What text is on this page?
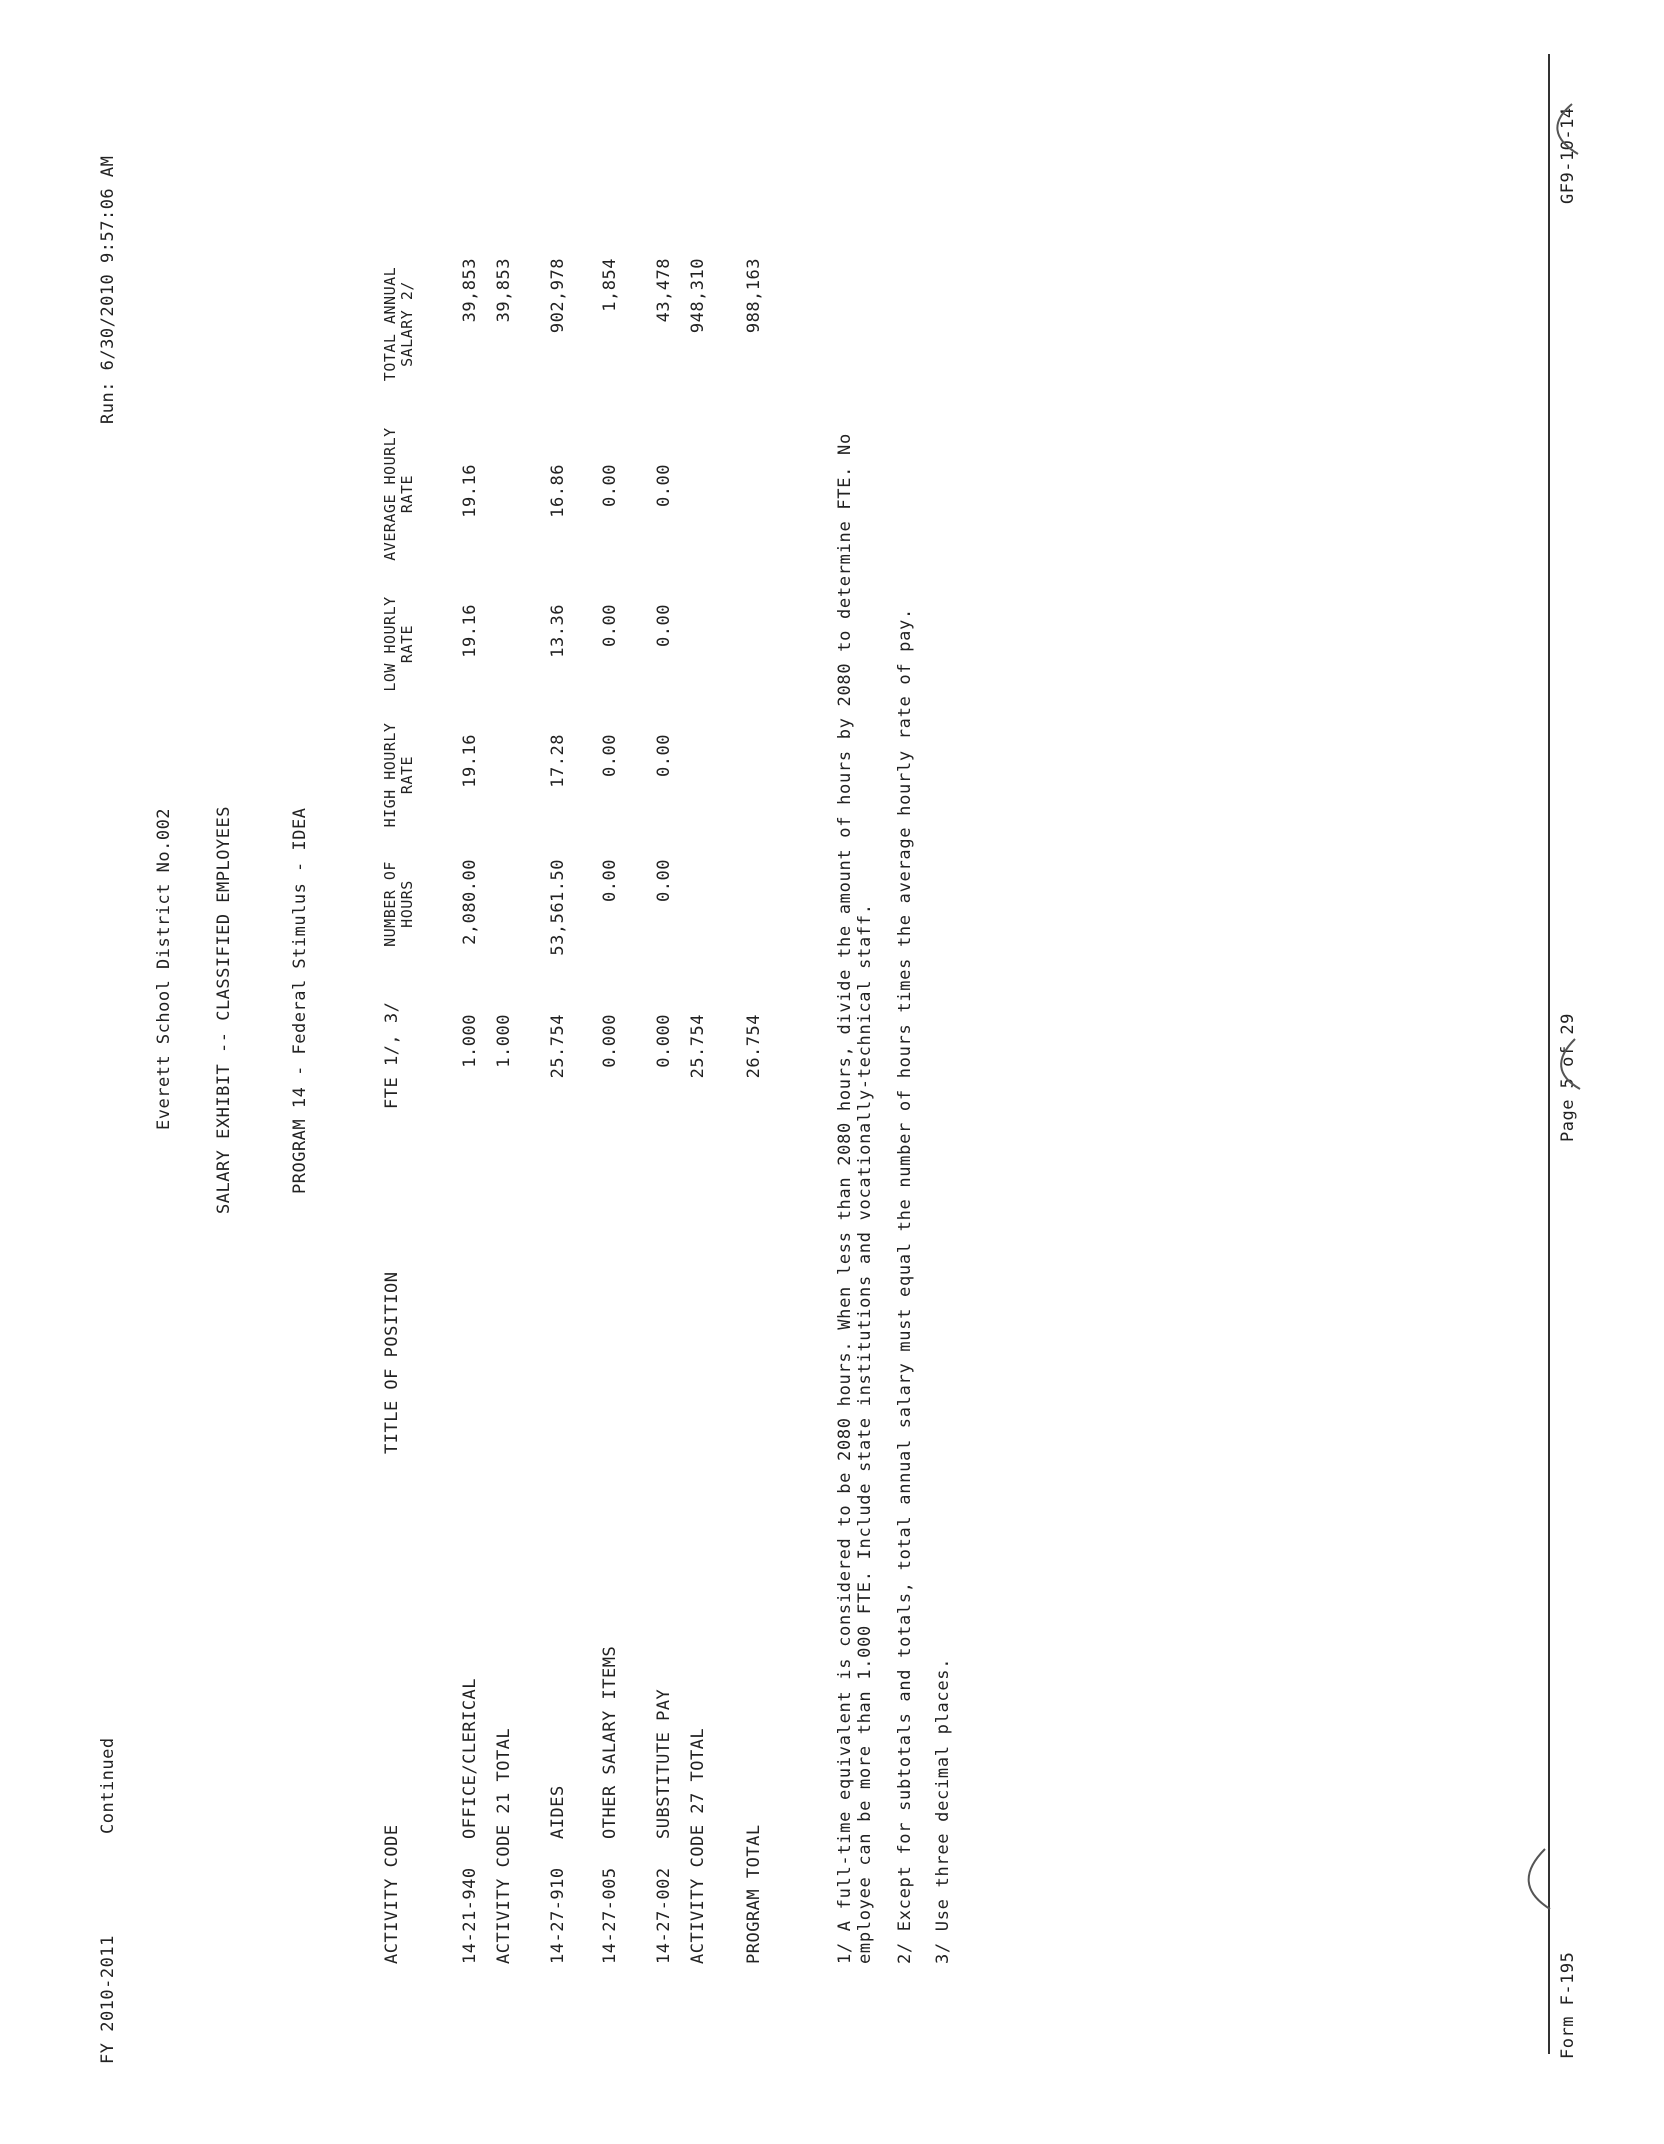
FY 2010-2011
Continued
Run: 6/30/2010 9:57:06 AM
Everett School District No.002 SALARY EXHIBIT -- CLASSIFIED EMPLOYEES	PROGRAM 14 - Federal Stimulus - IDEA
ACTIVITY CODE
TITLE OF POSITION
FTE 1/, 3/
NUMBER OF
HOURS
HIGH HOURLY
RATE
LOW HOURLY
RATE
AVERAGE HOURLY
RATE
TOTAL ANNUAL
SALARY 2/
14-21-940
OFFICE/CLERICAL
1.000
2,080.00
19.16
19.16
19.16
39,853
ACTIVITY CODE 21 TOTAL
1.000
39,853
14-27-910
AIDES
25.754
53,561.50
17.28
13.36
16.86
902,978
14-27-005
OTHER SALARY ITEMS
0.000
0.00
0.00
0.00
0.00
1,854
14-27-002
SUBSTITUTE PAY
0.000
0.00
0.00
0.00
0.00
43,478
ACTIVITY CODE 27 TOTAL
25.754
948,310
PROGRAM TOTAL
26.754
988,163
1/ A full-time equivalent is considered to be 2080 hours. When less than 2080 hours, divide the amount of hours by 2080 to determine FTE. No employee can be more than 1.000 FTE. Include state institutions and vocationally-technical staff. 2/ Except for subtotals and totals, total annual salary must equal the number of hours times the average hourly rate of pay. 3/ Use three decimal places.
Form F-195
Page 5 of 29
GF9-10-14
